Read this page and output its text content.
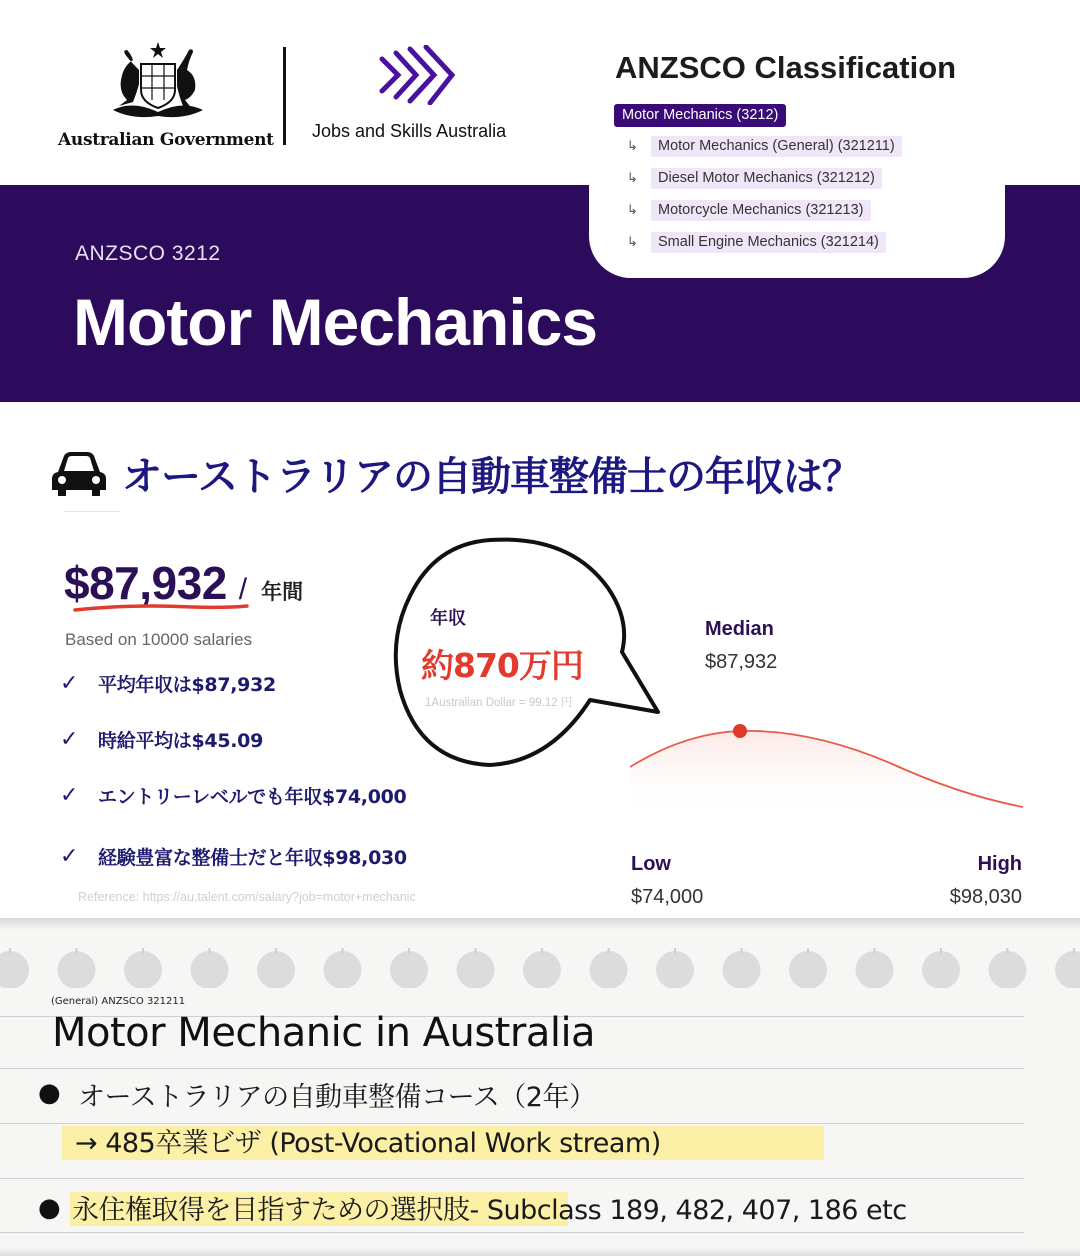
Australian Government Jobs and Skills Australia
ANZSCO 3212
Motor Mechanics
ANZSCO Classification
Motor Mechanics (3212)
↳	Motor Mechanics (General) (321211)
↳	Diesel Motor Mechanics (321212)
↳	Motorcycle Mechanics (321213)
↳	Small Engine Mechanics (321214)
オーストラリアの自動車整備士の年収は？
$87,932 / 年間
Based on 10000 salaries
✓	平均年収は$87,932
✓	時給平均は$45.09
✓	エントリーレベルでも年収$74,000
✓	経験豊富な整備士だと年収$98,030
Reference: https://au.talent.com/salary?job=motor+mechanic
年収
約870万円
1Australian Dollar = 99.12 円
Median
$87,932
Low
$74,000
High
$98,030
(General) ANZSCO 321211
Motor Mechanic in Australia
● オーストラリアの自動車整備コース（2年）
→ 485卒業ビザ (Post-Vocational Work stream)
● 永住権取得を目指すための選択肢- Subclass 189, 482, 407, 186 etc
